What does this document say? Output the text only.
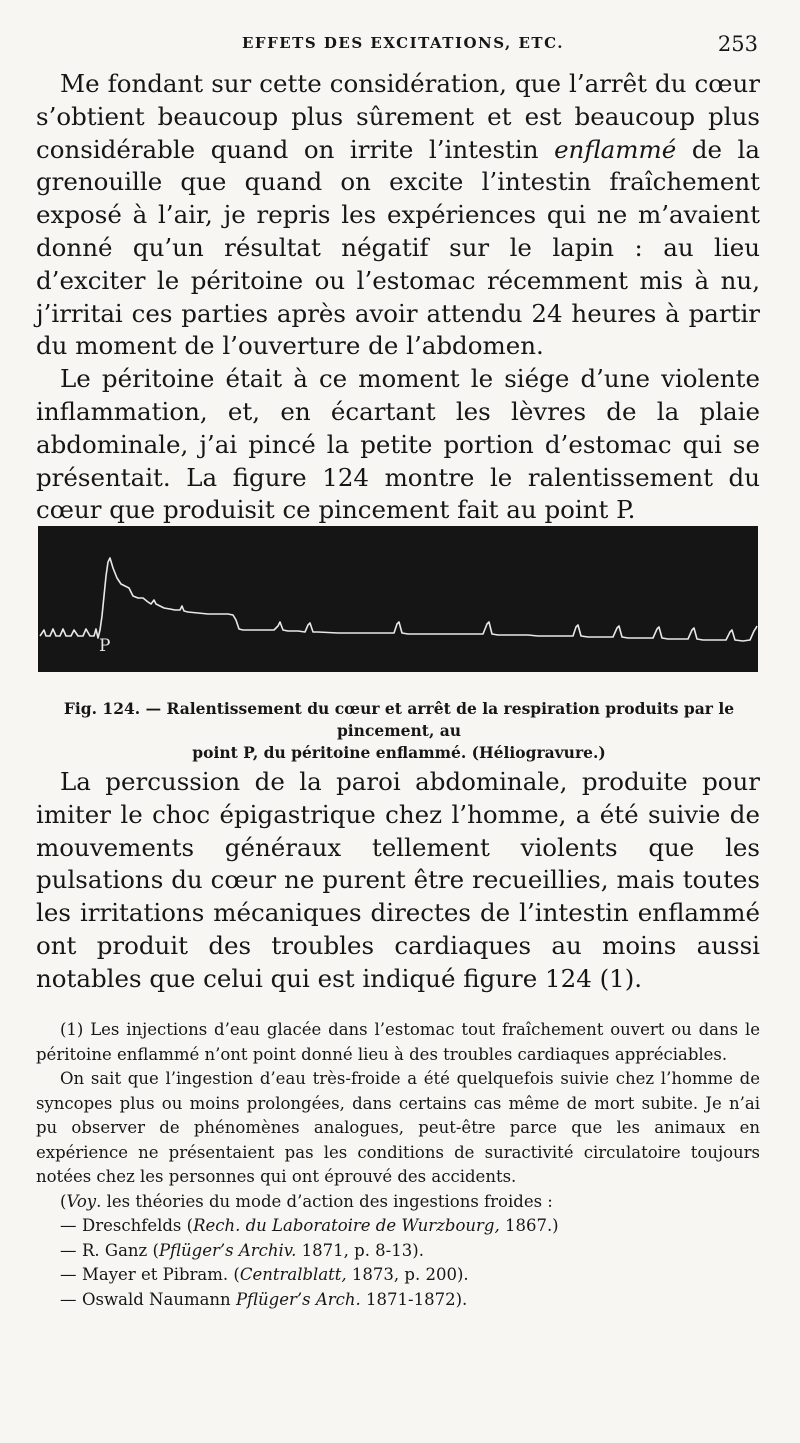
EFFETS DES EXCITATIONS, ETC.	253

Me fondant sur cette considération, que l’arrêt du cœur s’obtient beaucoup plus sûrement et est beaucoup plus considérable quand on irrite l’intestin enflammé de la grenouille que quand on excite l’intestin fraîchement exposé à l’air, je repris les expériences qui ne m’avaient donné qu’un résultat négatif sur le lapin : au lieu d’exciter le péritoine ou l’estomac récemment mis à nu, j’irritai ces parties après avoir attendu 24 heures à partir du moment de l’ouverture de l’abdomen.

Le péritoine était à ce moment le siége d’une violente inflammation, et, en écartant les lèvres de la plaie abdominale, j’ai pincé la petite portion d’estomac qui se présentait. La figure 124 montre le ralentissement du cœur que produisit ce pincement fait au point P.

P
Fig. 124. — Ralentissement du cœur et arrêt de la respiration produits par le pincement, au
point P, du péritoine enflammé. (Héliogravure.)

La percussion de la paroi abdominale, produite pour imiter le choc épigastrique chez l’homme, a été suivie de mouvements généraux tellement violents que les pulsations du cœur ne purent être recueillies, mais toutes les irritations mécaniques directes de l’intestin enflammé ont produit des troubles cardiaques au moins aussi notables que celui qui est indiqué figure 124 (1).

(1) Les injections d’eau glacée dans l’estomac tout fraîchement ouvert ou dans le péritoine enflammé n’ont point donné lieu à des troubles cardiaques appréciables.

On sait que l’ingestion d’eau très-froide a été quelquefois suivie chez l’homme de syncopes plus ou moins prolongées, dans certains cas même de mort subite. Je n’ai pu observer de phénomènes analogues, peut-être parce que les animaux en expérience ne présentaient pas les conditions de suractivité circulatoire toujours notées chez les personnes qui ont éprouvé des accidents.

(Voy. les théories du mode d’action des ingestions froides :

— Dreschfelds (Rech. du Laboratoire de Wurzbourg, 1867.)
— R. Ganz (Pflüger’s Archiv. 1871, p. 8-13).
— Mayer et Pibram. (Centralblatt, 1873, p. 200).
— Oswald Naumann Pflüger’s Arch. 1871-1872).
